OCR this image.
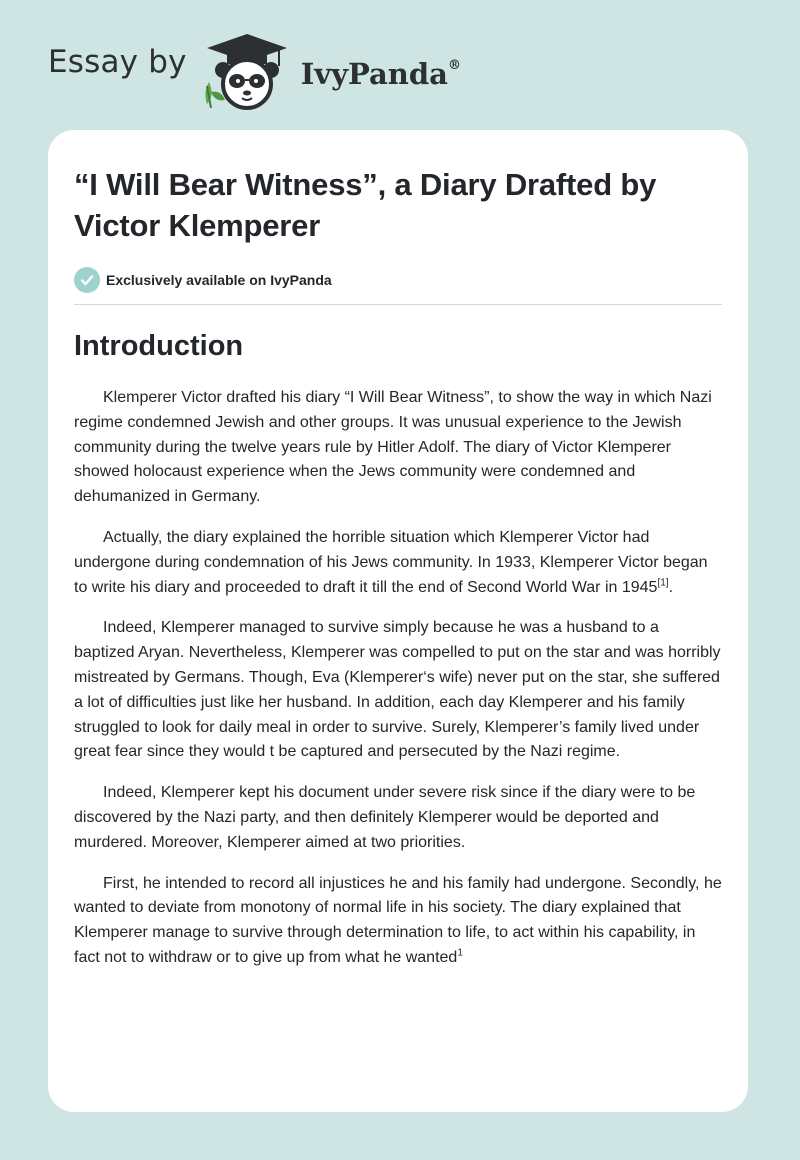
Essay by	IvyPanda®
“I Will Bear Witness”, a Diary Drafted by Victor Klemperer
Exclusively available on IvyPanda
Introduction

Klemperer Victor drafted his diary “I Will Bear Witness”, to show the way in which Nazi regime condemned Jewish and other groups. It was unusual experience to the Jewish community during the twelve years rule by Hitler Adolf. The diary of Victor Klemperer showed holocaust experience when the Jews community were condemned and dehumanized in Germany.

Actually, the diary explained the horrible situation which Klemperer Victor had undergone during condemnation of his Jews community. In 1933, Klemperer Victor began to write his diary and proceeded to draft it till the end of Second World War in 1945[1].

Indeed, Klemperer managed to survive simply because he was a husband to a baptized Aryan. Nevertheless, Klemperer was compelled to put on the star and was horribly mistreated by Germans. Though, Eva (Klemperer‘s wife) never put on the star, she suffered a lot of difficulties just like her husband. In addition, each day Klemperer and his family struggled to look for daily meal in order to survive. Surely, Klemperer’s family lived under great fear since they would t be captured and persecuted by the Nazi regime.

Indeed, Klemperer kept his document under severe risk since if the diary were to be discovered by the Nazi party, and then definitely Klemperer would be deported and murdered. Moreover, Klemperer aimed at two priorities.

First, he intended to record all injustices he and his family had undergone. Secondly, he wanted to deviate from monotony of normal life in his society. The diary explained that Klemperer manage to survive through determination to life, to act within his capability, in fact not to withdraw or to give up from what he wanted$^1$
